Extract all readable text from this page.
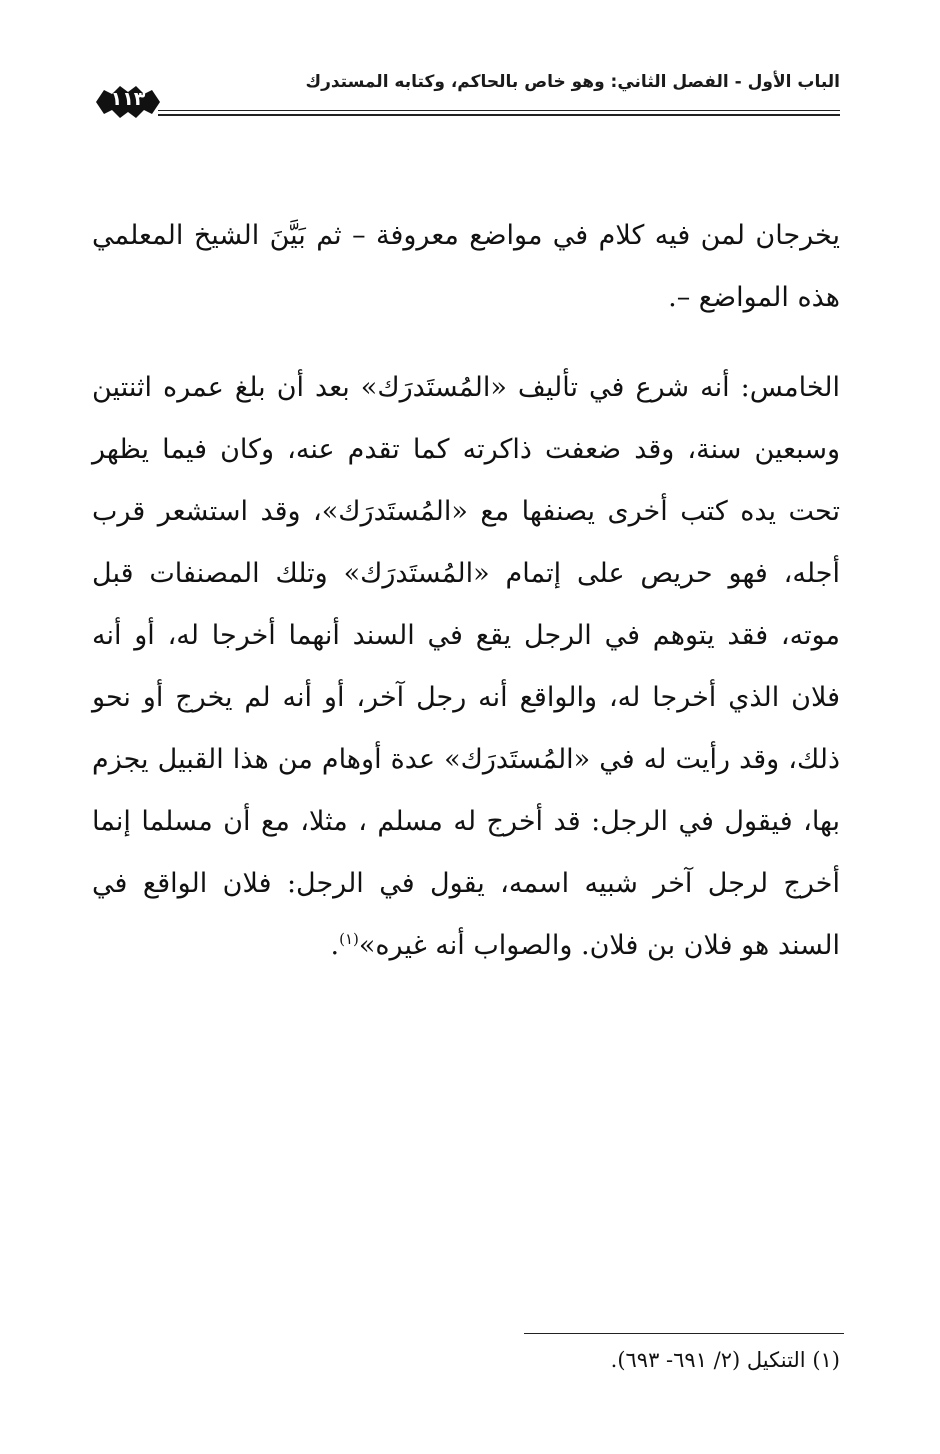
الباب الأول - الفصل الثاني: وهو خاص بالحاكم، وكتابه المستدرك
١١٣

يخرجان لمن فيه كلام في مواضع معروفة – ثم بَيَّنَ الشيخ المعلمي هذه المواضع –.

الخامس: أنه شرع في تأليف «المُستَدرَك» بعد أن بلغ عمره اثنتين وسبعين سنة، وقد ضعفت ذاكرته كما تقدم عنه، وكان فيما يظهر تحت يده كتب أخرى يصنفها مع «المُستَدرَك»، وقد استشعر قرب أجله، فهو حريص على إتمام «المُستَدرَك» وتلك المصنفات قبل موته، فقد يتوهم في الرجل يقع في السند أنهما أخرجا له، أو أنه فلان الذي أخرجا له، والواقع أنه رجل آخر، أو أنه لم يخرج أو نحو ذلك، وقد رأيت له في «المُستَدرَك» عدة أوهام من هذا القبيل يجزم بها، فيقول في الرجل: قد أخرج له مسلم ، مثلا، مع أن مسلما إنما أخرج لرجل آخر شبيه اسمه، يقول في الرجل: فلان الواقع في السند هو فلان بن فلان. والصواب أنه غيره»$^{(١)}$.

(١) التنكيل (٢/ ٦٩١- ٦٩٣).
